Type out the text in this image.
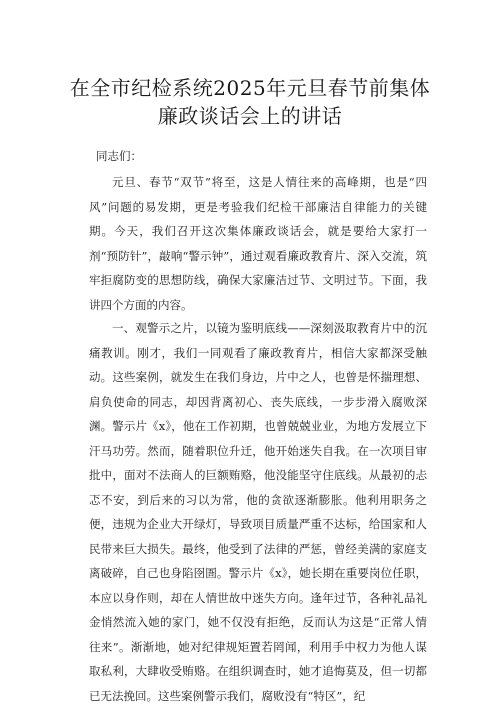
在全市纪检系统2025年元旦春节前集体
廉政谈话会上的讲话
同志们：

元旦、春节“双节”将至，这是人情往来的高峰期，也是“四风”问题的易发期，更是考验我们纪检干部廉洁自律能力的关键期。今天，我们召开这次集体廉政谈话会，就是要给大家打一剂“预防针”，敲响“警示钟”，通过观看廉政教育片、深入交流，筑牢拒腐防变的思想防线，确保大家廉洁过节、文明过节。下面，我讲四个方面的内容。

一、观警示之片，以镜为鉴明底线——深刻汲取教育片中的沉痛教训。刚才，我们一同观看了廉政教育片，相信大家都深受触动。这些案例，就发生在我们身边，片中之人，也曾是怀揣理想、肩负使命的同志，却因背离初心、丧失底线，一步步滑入腐败深渊。警示片《x》，他在工作初期，也曾兢兢业业，为地方发展立下汗马功劳。然而，随着职位升迁，他开始迷失自我。在一次项目审批中，面对不法商人的巨额贿赂，他没能坚守住底线。从最初的忐忑不安，到后来的习以为常，他的贪欲逐渐膨胀。他利用职务之便，违规为企业大开绿灯，导致项目质量严重不达标，给国家和人民带来巨大损失。最终，他受到了法律的严惩，曾经美满的家庭支离破碎，自己也身陷囹圄。警示片《x》，她长期在重要岗位任职，本应以身作则，却在人情世故中迷失方向。逢年过节，各种礼品礼金悄然流入她的家门，她不仅没有拒绝，反而认为这是“正常人情往来”。渐渐地，她对纪律规矩置若罔闻，利用手中权力为他人谋取私利，大肆收受贿赂。在组织调查时，她才追悔莫及，但一切都已无法挽回。这些案例警示我们，腐败没有“特区”，纪
